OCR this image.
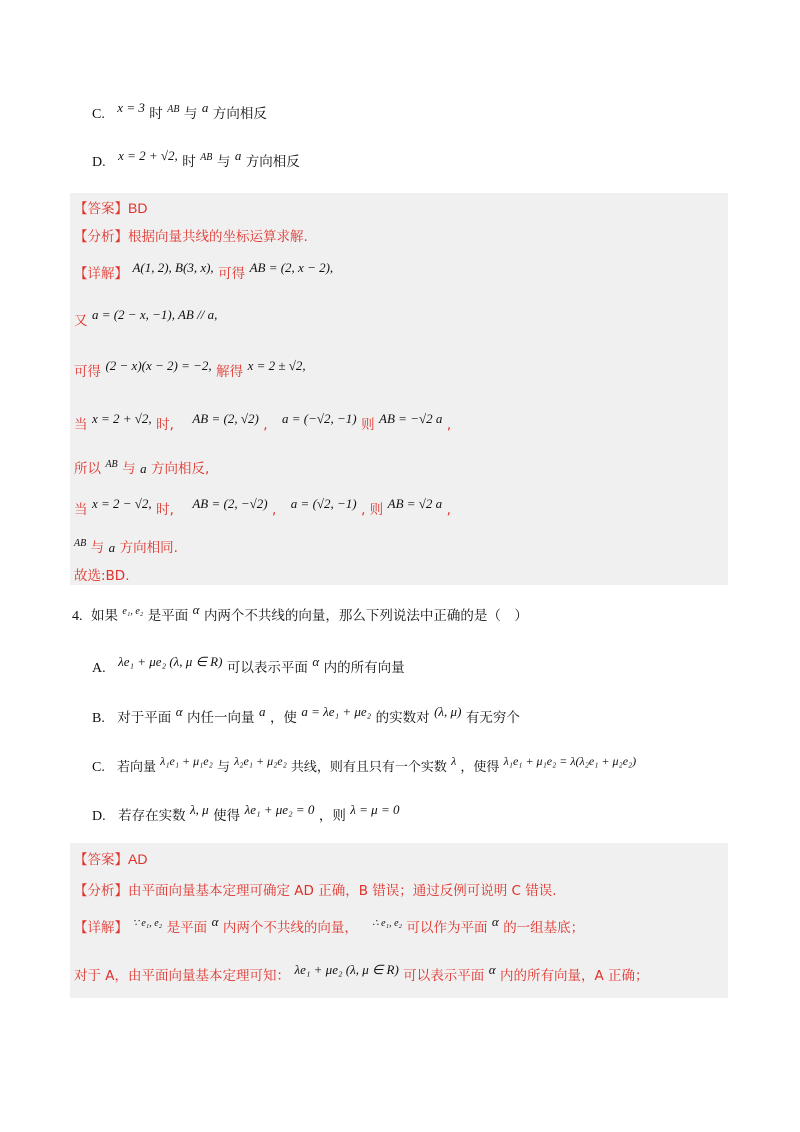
C. x = 3 时 $^{AB}$ 与 a 方向相反
D. x = 2 + √2, 时 $^{AB}$ 与 a 方向相反
【答案】BD
【分析】根据向量共线的坐标运算求解.
【详解】 A(1, 2), B(3, x), 可得 AB = (2, x − 2),
又 a = (2 − x, −1), AB // a,
可得 (2 − x)(x − 2) = −2, 解得 x = 2 ± √2,
当 x = 2 + √2, 时, AB = (2, √2) , a = (−√2, −1) 则 AB = −√2 a ,
所以 $^{AB}$ 与 a 方向相反,
当 x = 2 − √2, 时, AB = (2, −√2) , a = (√2, −1) , 则 AB = √2 a ,
$^{AB}$ 与 a 方向相同.
故选:BD.
4. 如果 $^{e_1, e_2}$ 是平面 α 内两个不共线的向量，那么下列说法中正确的是（　）
A. λe₁ + μe₂ (λ, μ ∈ R) 可以表示平面 α 内的所有向量
B. 对于平面 α 内任一向量 a ，使 a = λe₁ + μe₂ 的实数对 (λ, μ) 有无穷个
C. 若向量 λ₁e₁ + μ₁e₂ 与 λ₂e₁ + μ₂e₂ 共线，则有且只有一个实数 λ ，使得 λ₁e₁ + μ₁e₂ = λ(λ₂e₁ + μ₂e₂)
D. 若存在实数 λ, μ 使得 λe₁ + μe₂ = 0 ，则 λ = μ = 0
【答案】AD
【分析】由平面向量基本定理可确定 AD 正确，B 错误；通过反例可说明 C 错误.
【详解】 $^{\because e_1, e_2}$ 是平面 α 内两个不共线的向量， $^{\therefore e_1, e_2}$ 可以作为平面 α 的一组基底；
对于 A，由平面向量基本定理可知： λe₁ + μe₂ (λ, μ ∈ R) 可以表示平面 α 内的所有向量，A 正确；
